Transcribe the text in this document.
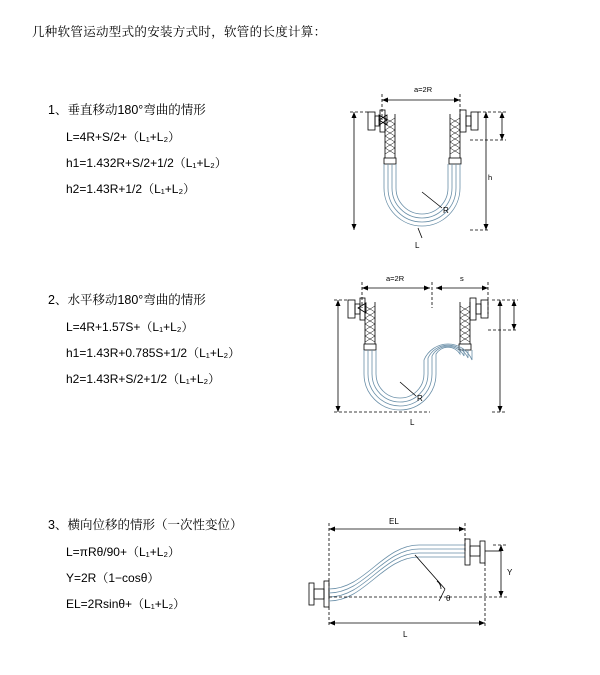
几种软管运动型式的安装方式时，软管的长度计算：
1、垂直移动180°弯曲的情形
L=4R+S/2+（L₁+L₂）
h1=1.432R+S/2+1/2（L₁+L₂）
h2=1.43R+1/2（L₁+L₂）
R
a=2R
h
L
2、水平移动180°弯曲的情形
L=4R+1.57S+（L₁+L₂）
h1=1.43R+0.785S+1/2（L₁+L₂）
h2=1.43R+S/2+1/2（L₁+L₂）
R
a=2R	s
L
3、横向位移的情形（一次性变位）
L=πRθ/90+（L₁+L₂）
Y=2R（1−cosθ）
EL=2Rsinθ+（L₁+L₂）
EL
Y
L
θ
